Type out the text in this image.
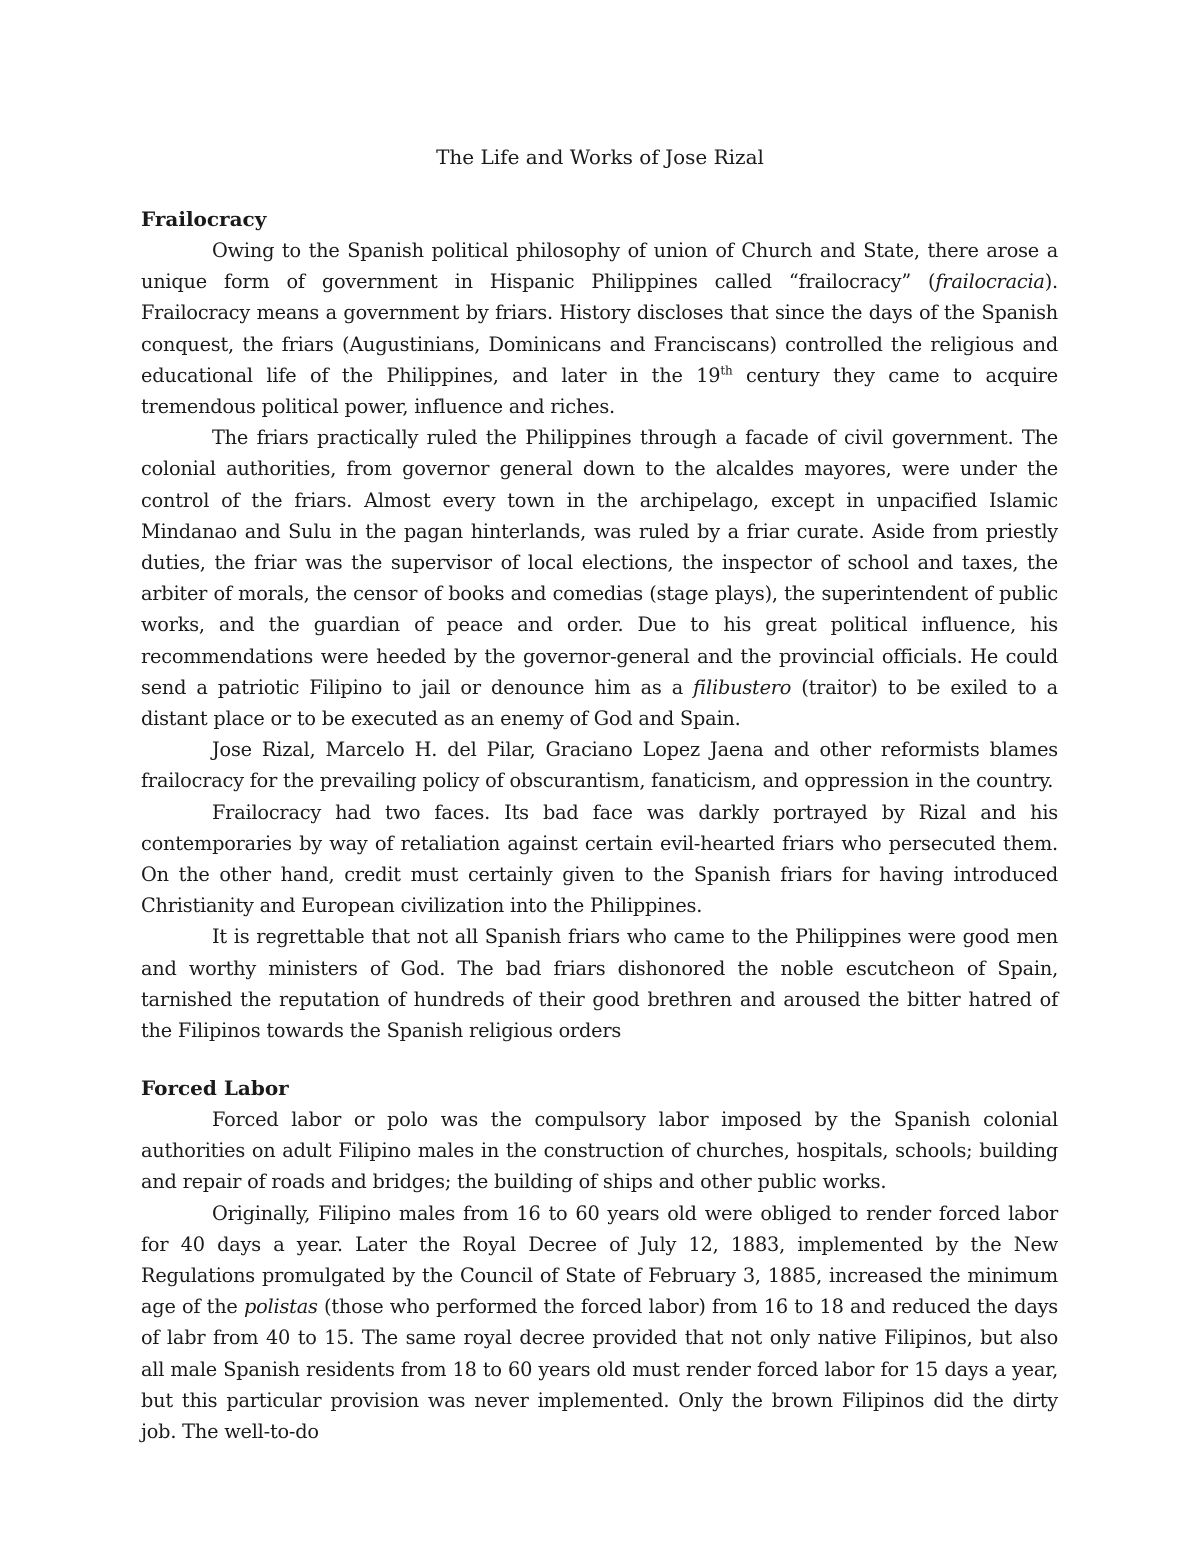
The Life and Works of Jose Rizal
Frailocracy

Owing to the Spanish political philosophy of union of Church and State, there arose a unique form of government in Hispanic Philippines called “frailocracy” (frailocracia). Frailocracy means a government by friars. History discloses that since the days of the Spanish conquest, the friars (Augustinians, Dominicans and Franciscans) controlled the religious and educational life of the Philippines, and later in the 19th century they came to acquire tremendous political power, influence and riches.

The friars practically ruled the Philippines through a facade of civil government. The colonial authorities, from governor general down to the alcaldes mayores, were under the control of the friars. Almost every town in the archipelago, except in unpacified Islamic Mindanao and Sulu in the pagan hinterlands, was ruled by a friar curate. Aside from priestly duties, the friar was the supervisor of local elections, the inspector of school and taxes, the arbiter of morals, the censor of books and comedias (stage plays), the superintendent of public works, and the guardian of peace and order. Due to his great political influence, his recommendations were heeded by the governor-general and the provincial officials. He could send a patriotic Filipino to jail or denounce him as a filibustero (traitor) to be exiled to a distant place or to be executed as an enemy of God and Spain.

Jose Rizal, Marcelo H. del Pilar, Graciano Lopez Jaena and other reformists blames frailocracy for the prevailing policy of obscurantism, fanaticism, and oppression in the country.

Frailocracy had two faces. Its bad face was darkly portrayed by Rizal and his contemporaries by way of retaliation against certain evil-hearted friars who persecuted them. On the other hand, credit must certainly given to the Spanish friars for having introduced Christianity and European civilization into the Philippines.

It is regrettable that not all Spanish friars who came to the Philippines were good men and worthy ministers of God. The bad friars dishonored the noble escutcheon of Spain, tarnished the reputation of hundreds of their good brethren and aroused the bitter hatred of the Filipinos towards the Spanish religious orders

Forced Labor

Forced labor or polo was the compulsory labor imposed by the Spanish colonial authorities on adult Filipino males in the construction of churches, hospitals, schools; building and repair of roads and bridges; the building of ships and other public works.

Originally, Filipino males from 16 to 60 years old were obliged to render forced labor for 40 days a year. Later the Royal Decree of July 12, 1883, implemented by the New Regulations promulgated by the Council of State of February 3, 1885, increased the minimum age of the polistas (those who performed the forced labor) from 16 to 18 and reduced the days of labr from 40 to 15. The same royal decree provided that not only native Filipinos, but also all male Spanish residents from 18 to 60 years old must render forced labor for 15 days a year, but this particular provision was never implemented. Only the brown Filipinos did the dirty job. The well-to-do
